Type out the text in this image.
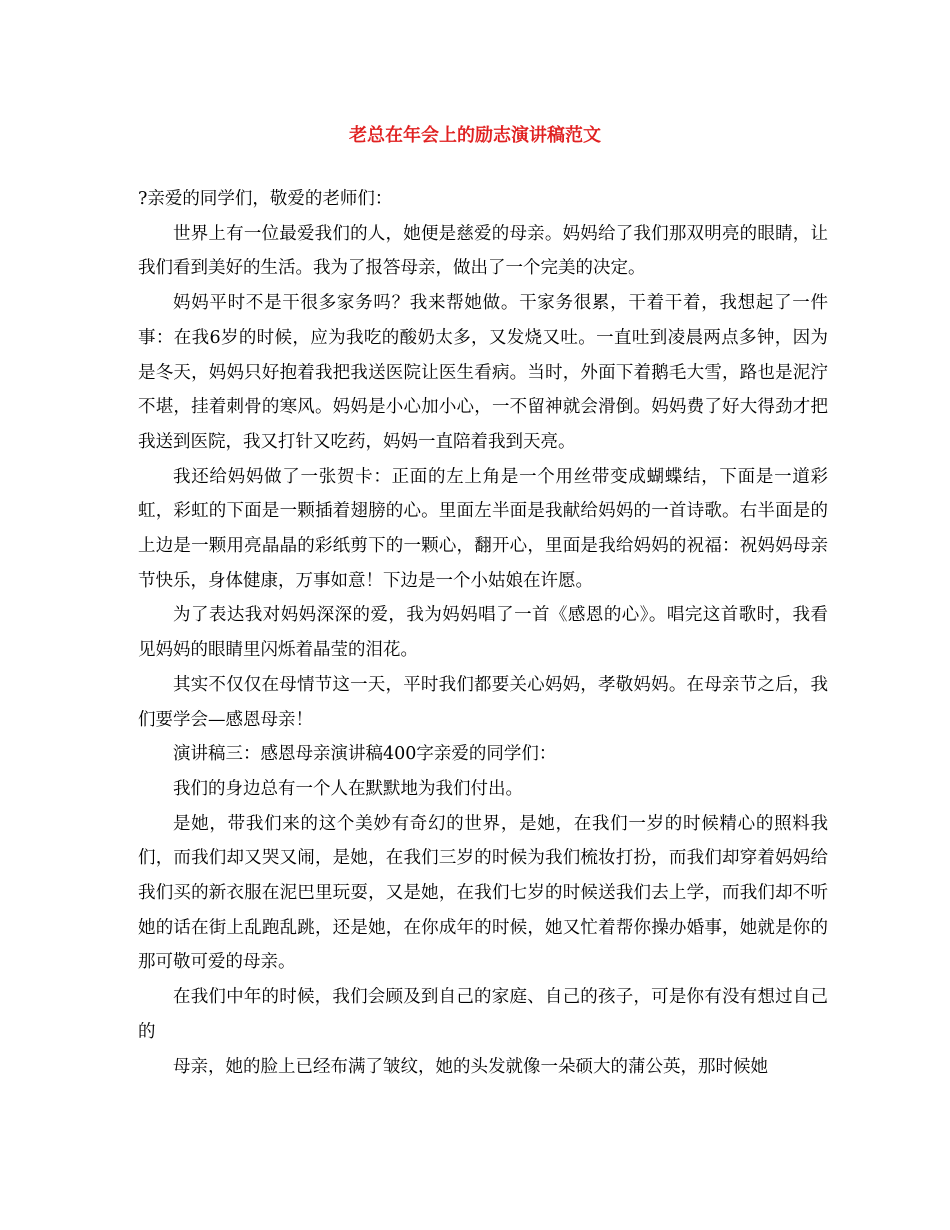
老总在年会上的励志演讲稿范文

?亲爱的同学们，敬爱的老师们：

世界上有一位最爱我们的人，她便是慈爱的母亲。妈妈给了我们那双明亮的眼睛，让我们看到美好的生活。我为了报答母亲，做出了一个完美的决定。

妈妈平时不是干很多家务吗？我来帮她做。干家务很累，干着干着，我想起了一件事：在我6岁的时候，应为我吃的酸奶太多，又发烧又吐。一直吐到凌晨两点多钟，因为是冬天，妈妈只好抱着我把我送医院让医生看病。当时，外面下着鹅毛大雪，路也是泥泞不堪，挂着刺骨的寒风。妈妈是小心加小心，一不留神就会滑倒。妈妈费了好大得劲才把我送到医院，我又打针又吃药，妈妈一直陪着我到天亮。

我还给妈妈做了一张贺卡：正面的左上角是一个用丝带变成蝴蝶结，下面是一道彩虹，彩虹的下面是一颗插着翅膀的心。里面左半面是我献给妈妈的一首诗歌。右半面是的上边是一颗用亮晶晶的彩纸剪下的一颗心，翻开心，里面是我给妈妈的祝福：祝妈妈母亲节快乐，身体健康，万事如意！下边是一个小姑娘在许愿。

为了表达我对妈妈深深的爱，我为妈妈唱了一首《感恩的心》。唱完这首歌时，我看见妈妈的眼睛里闪烁着晶莹的泪花。

其实不仅仅在母情节这一天，平时我们都要关心妈妈，孝敬妈妈。在母亲节之后，我们要学会—感恩母亲！

演讲稿三：感恩母亲演讲稿400字亲爱的同学们：

我们的身边总有一个人在默默地为我们付出。

是她，带我们来的这个美妙有奇幻的世界，是她，在我们一岁的时候精心的照料我们，而我们却又哭又闹，是她，在我们三岁的时候为我们梳妆打扮，而我们却穿着妈妈给我们买的新衣服在泥巴里玩耍，又是她，在我们七岁的时候送我们去上学，而我们却不听她的话在街上乱跑乱跳，还是她，在你成年的时候，她又忙着帮你操办婚事，她就是你的那可敬可爱的母亲。

在我们中年的时候，我们会顾及到自己的家庭、自己的孩子，可是你有没有想过自己的

母亲，她的脸上已经布满了皱纹，她的头发就像一朵硕大的蒲公英，那时候她
